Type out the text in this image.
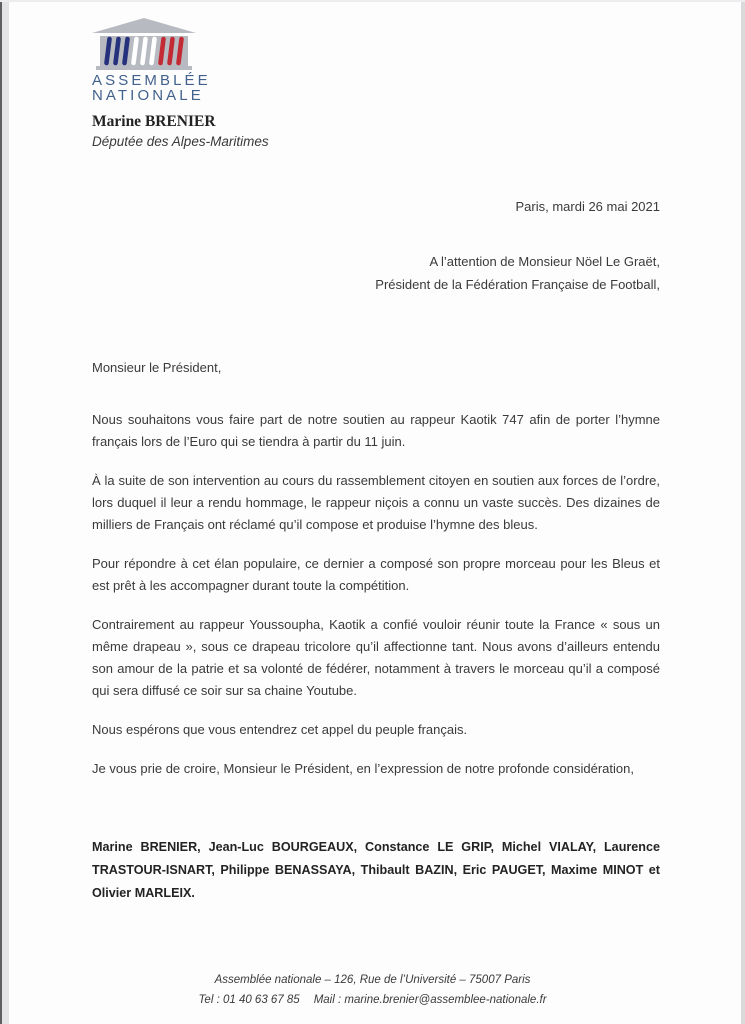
ASSEMBLÉE
NATIONALE
Marine BRENIER
Députée des Alpes-Maritimes
Paris, mardi 26 mai 2021
A l’attention de Monsieur Nöel Le Graët,
Président de la Fédération Française de Football,
Monsieur le Président,

Nous souhaitons vous faire part de notre soutien au rappeur Kaotik 747 afin de porter l’hymne français lors de l’Euro qui se tiendra à partir du 11 juin.

À la suite de son intervention au cours du rassemblement citoyen en soutien aux forces de l’ordre, lors duquel il leur a rendu hommage, le rappeur niçois a connu un vaste succès. Des dizaines de milliers de Français ont réclamé qu’il compose et produise l’hymne des bleus.

Pour répondre à cet élan populaire, ce dernier a composé son propre morceau pour les Bleus et est prêt à les accompagner durant toute la compétition.

Contrairement au rappeur Youssoupha, Kaotik a confié vouloir réunir toute la France « sous un même drapeau », sous ce drapeau tricolore qu’il affectionne tant. Nous avons d’ailleurs entendu son amour de la patrie et sa volonté de fédérer, notamment à travers le morceau qu’il a composé qui sera diffusé ce soir sur sa chaine Youtube.

Nous espérons que vous entendrez cet appel du peuple français.

Je vous prie de croire, Monsieur le Président, en l’expression de notre profonde considération,

Marine BRENIER, Jean-Luc BOURGEAUX, Constance LE GRIP, Michel VIALAY, Laurence TRASTOUR-ISNART, Philippe BENASSAYA, Thibault BAZIN, Eric PAUGET, Maxime MINOT et Olivier MARLEIX.

Assemblée nationale – 126, Rue de l’Université – 75007 Paris
Tel : 01 40 63 67 85 Mail : marine.brenier@assemblee-nationale.fr
